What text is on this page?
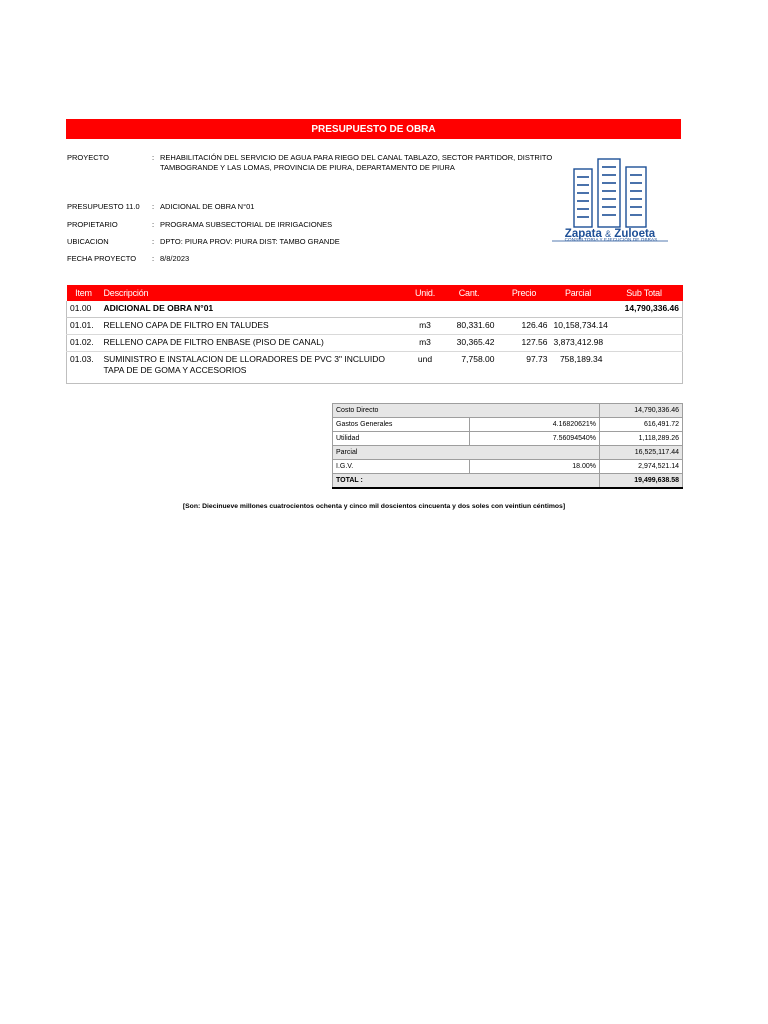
PRESUPUESTO DE OBRA
PROYECTO	: REHABILITACIÓN DEL SERVICIO DE AGUA PARA RIEGO DEL CANAL TABLAZO, SECTOR PARTIDOR, DISTRITO TAMBOGRANDE Y LAS LOMAS, PROVINCIA DE PIURA, DEPARTAMENTO DE PIURA
PRESUPUESTO 11.0 : ADICIONAL DE OBRA N°01
PROPIETARIO	: PROGRAMA SUBSECTORIAL DE IRRIGACIONES
UBICACION	: DPTO: PIURA PROV: PIURA DIST: TAMBO GRANDE
FECHA PROYECTO : 8/8/2023
Zapata & Zuloeta
CONSULTORIA Y EJECUCIÓN DE OBRAS
Item	Descripción	Unid.	Cant.	Precio	Parcial	Sub Total
01.00	ADICIONAL DE OBRA N°01					14,790,336.46
01.01.	RELLENO CAPA DE FILTRO EN TALUDES	m3	80,331.60	126.46	10,158,734.14	
01.02.	RELLENO CAPA DE FILTRO ENBASE (PISO DE CANAL)	m3	30,365.42	127.56	3,873,412.98	
01.03.	SUMINISTRO E INSTALACION DE LLORADORES DE PVC 3" INCLUIDO TAPA DE DE GOMA Y ACCESORIOS	und	7,758.00	97.73	758,189.34	
Costo Directo		14,790,336.46
Gastos Generales	4.16820621%	616,491.72
Utilidad	7.56094540%	1,118,289.26
Parcial		16,525,117.44
I.G.V.	18.00%	2,974,521.14
TOTAL :		19,499,638.58
[Son: Diecinueve millones cuatrocientos ochenta y cinco mil doscientos cincuenta y dos soles con veintiun céntimos]
